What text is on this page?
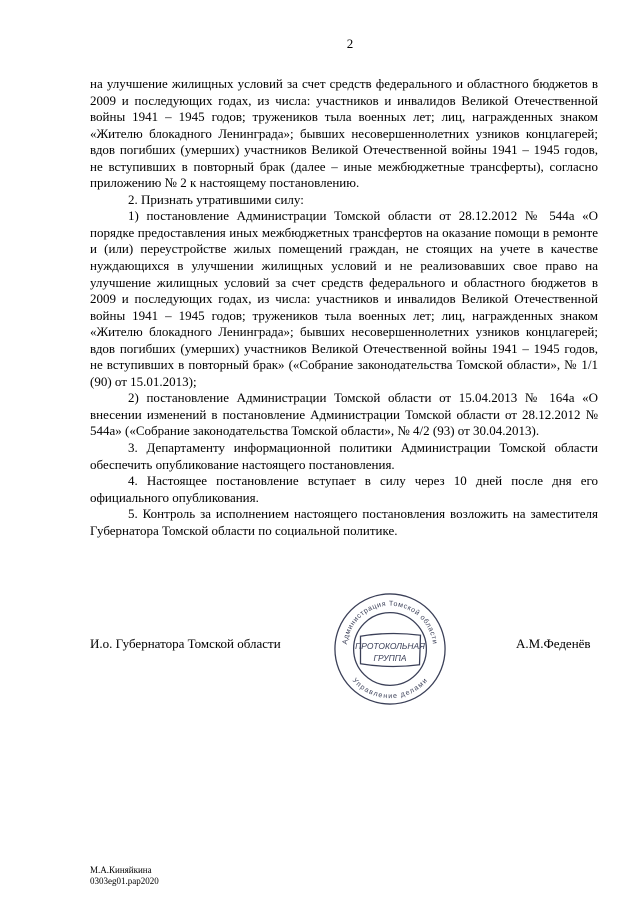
2

на улучшение жилищных условий за счет средств федерального и областного бюджетов в 2009 и последующих годах, из числа: участников и инвалидов Великой Отечественной войны 1941 – 1945 годов; тружеников тыла военных лет; лиц, награжденных знаком «Жителю блокадного Ленинграда»; бывших несовершеннолетних узников концлагерей; вдов погибших (умерших) участников Великой Отечественной войны 1941 – 1945 годов, не вступивших в повторный брак (далее – иные межбюджетные трансферты), согласно приложению № 2 к настоящему постановлению.

2. Признать утратившими силу:

1) постановление Администрации Томской области от 28.12.2012 № 544а «О порядке предоставления иных межбюджетных трансфертов на оказание помощи в ремонте и (или) переустройстве жилых помещений граждан, не стоящих на учете в качестве нуждающихся в улучшении жилищных условий и не реализовавших свое право на улучшение жилищных условий за счет средств федерального и областного бюджетов в 2009 и последующих годах, из числа: участников и инвалидов Великой Отечественной войны 1941 – 1945 годов; тружеников тыла военных лет; лиц, награжденных знаком «Жителю блокадного Ленинграда»; бывших несовершеннолетних узников концлагерей; вдов погибших (умерших) участников Великой Отечественной войны 1941 – 1945 годов, не вступивших в повторный брак» («Собрание законодательства Томской области», № 1/1 (90) от 15.01.2013);

2) постановление Администрации Томской области от 15.04.2013 № 164а «О внесении изменений в постановление Администрации Томской области от 28.12.2012 № 544а» («Собрание законодательства Томской области», № 4/2 (93) от 30.04.2013).

3. Департаменту информационной политики Администрации Томской области обеспечить опубликование настоящего постановления.

4. Настоящее постановление вступает в силу через 10 дней после дня его официального опубликования.

5. Контроль за исполнением настоящего постановления возложить на заместителя Губернатора Томской области по социальной политике.

И.о. Губернатора Томской области	Администрация Томской области
Управление делами
ПРОТОКОЛЬНАЯ
ГРУППА
А.М.Феденёв
М.А.Киняйкина
0303eg01.pap2020
